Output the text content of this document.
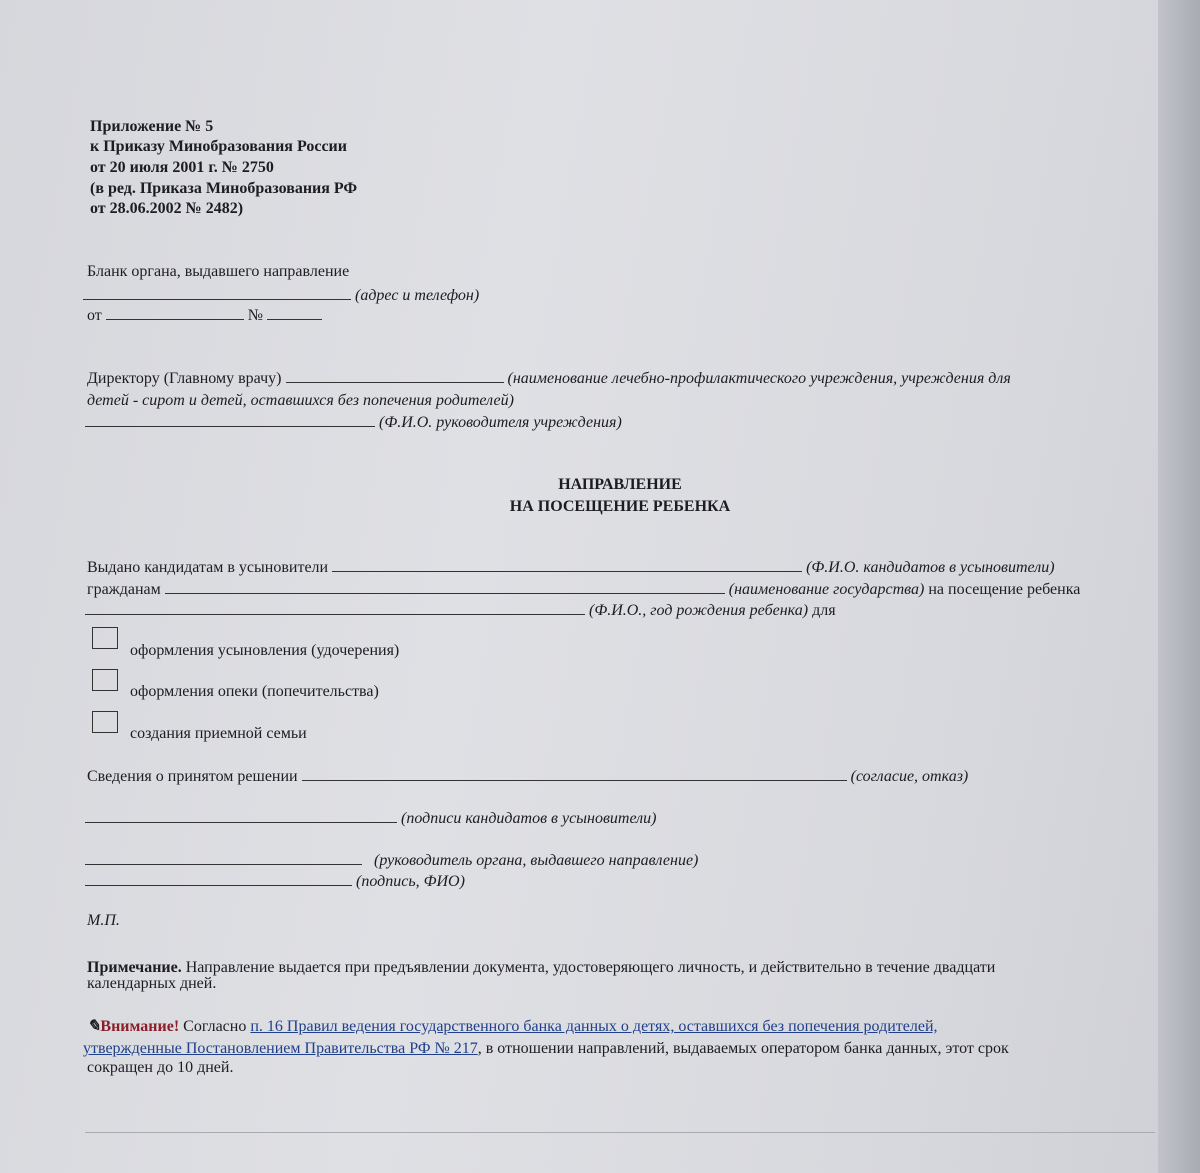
Приложение № 5
к Приказу Минобразования России
от 20 июля 2001 г. № 2750
(в ред. Приказа Минобразования РФ
от 28.06.2002 № 2482)
Бланк органа, выдавшего направление
(адрес и телефон)
от	№
Директору (Главному врачу)	(наименование лечебно-профилактического учреждения, учреждения для
детей - сирот и детей, оставшихся без попечения родителей)
(Ф.И.О. руководителя учреждения)
НАПРАВЛЕНИЕ
НА ПОСЕЩЕНИЕ РЕБЕНКА
Выдано кандидатам в усыновители	(Ф.И.О. кандидатов в усыновители)
гражданам	(наименование государства) на посещение ребенка
(Ф.И.О., год рождения ребенка) для
оформления усыновления (удочерения)
оформления опеки (попечительства)
создания приемной семьи
Сведения о принятом решении	(согласие, отказ)
(подписи кандидатов в усыновители)
(руководитель органа, выдавшего направление)
(подпись, ФИО)
М.П.
Примечание. Направление выдается при предъявлении документа, удостоверяющего личность, и действительно в течение двадцати
календарных дней.
✎Внимание! Согласно п. 16 Правил ведения государственного банка данных о детях, оставшихся без попечения родителей,
утвержденные Постановлением Правительства РФ № 217, в отношении направлений, выдаваемых оператором банка данных, этот срок
сокращен до 10 дней.
